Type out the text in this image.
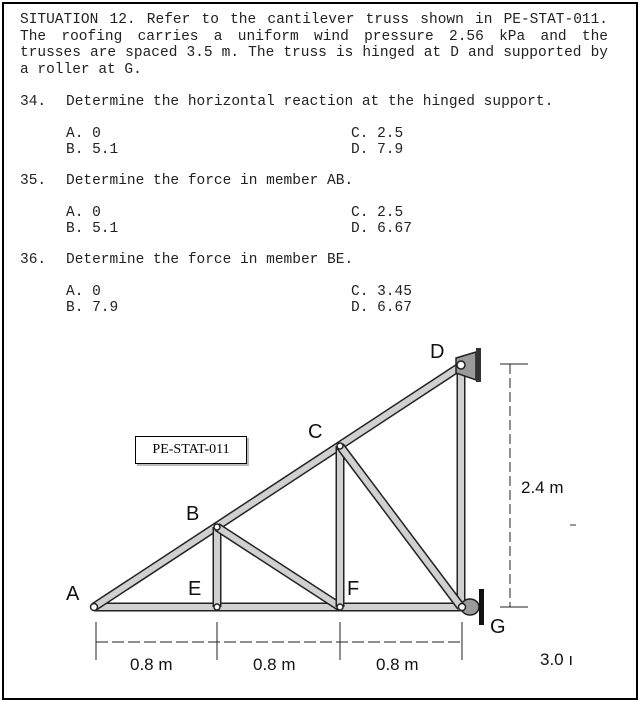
SITUATION 12. Refer to the cantilever truss shown in PE-STAT-011. The roofing carries a uniform wind pressure 2.56 kPa and the trusses are spaced 3.5 m. The truss is hinged at D and supported by a roller at G.
34. Determine the horizontal reaction at the hinged support.
A. 0
B. 5.1
C. 2.5
D. 7.9
35. Determine the force in member AB.
A. 0
B. 5.1
C. 2.5
D. 6.67
36. Determine the force in member BE.
A. 0
B. 7.9
C. 3.45
D. 6.67
PE-STAT-011
A
B
C
D
E	F
G
0.8 m	0.8 m	0.8 m
2.4 m
3.0 ı
